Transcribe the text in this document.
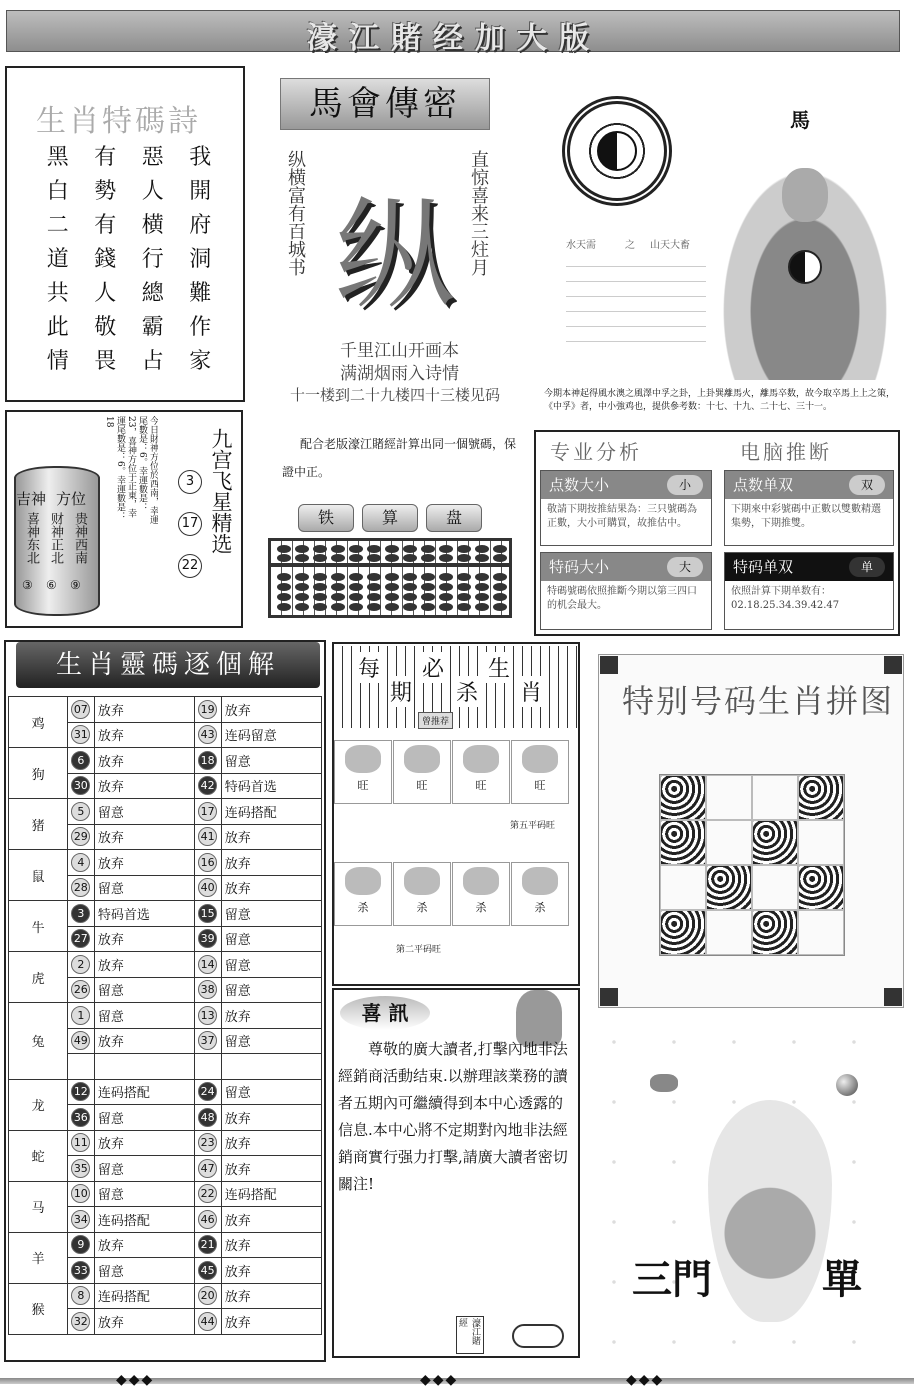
濠江賭经加大版
生肖特碼詩
黑	有	惡	我
白	勢	人	開
二	有	横	府
道	錢	行	洞
共	人	總	難
此	敬	霸	作
情	畏	占	家
馬會傳密
纵横富有百城书	直惊喜来三炷月
纵
千里江山开画本
满湖烟雨入诗情
十一楼到二十九楼四十三楼见码
配合老版濠江賭經計算出同一個號碼，保證中正。
铁	算	盘
馬
水天需	之 山天大畜
今期本神起得風水澳之風澤中孚之卦，上卦巽離馬火，離馬卒数，故今取卒馬上上之策，《中孚》者，中小強鸡也，提供參考数：十七、十九、二十七、三十一。
今日財神方位於西南，幸運尾數是：6。幸運數是：23，喜神方位于正東，幸運尾數是：6。幸運數是：18
吉神 方位
喜神东北 财神正北 贵神西南
③ ⑥ ⑨
九宫飞星精选
3
17
22
专业分析	电脑推断
点数大小	小
敬請下期按推結果為：三只號碼為正數，大小可購買，故推估中。
点数单双	双
下期來中彩號碼中正數以雙數精選集勢，下期推雙。
特码大小	大
特碼號碼依照推斷今期以第三四口的机会最大。
特码单双	单
依照計算下期单数有：02.18.25.34.39.42.47
生肖靈碼逐個解
鸡	07	放弃	19	放弃
	31	放弃	43	连码留意
狗	6	放弃	18	留意
	30	放弃	42	特码首选
猪	5	留意	17	连码搭配
	29	放弃	41	放弃
鼠	4	放弃	16	放弃
	28	留意	40	放弃
牛	3	特码首选	15	留意
	27	放弃	39	留意
虎	2	放弃	14	留意
	26	留意	38	留意
兔	1	留意	13	放弃
	49	放弃	37	留意

龙	12	连码搭配	24	留意
	36	留意	48	放弃
蛇	11	放弃	23	放弃
	35	留意	47	放弃
马	10	留意	22	连码搭配
	34	连码搭配	46	放弃
羊	9	放弃	21	放弃
	33	留意	45	放弃
猴	8	连码搭配	20	放弃
	32	放弃	44	放弃
每
期
必
杀
生
肖
曾推荐
旺
杀
旺
杀
旺
杀
旺
杀
第五平码旺
第二平码旺
特别号码生肖拼图
喜 訊
尊敬的廣大讀者,打擊內地非法經銷商活動结束.以辦理該業務的讀者五期內可繼續得到本中心透露的信息.本中心將不定期對內地非法經銷商實行强力打擊,請廣大讀者密切關注!
濠江賭經
三門	單
◆◆◆	◆◆◆	◆◆◆
